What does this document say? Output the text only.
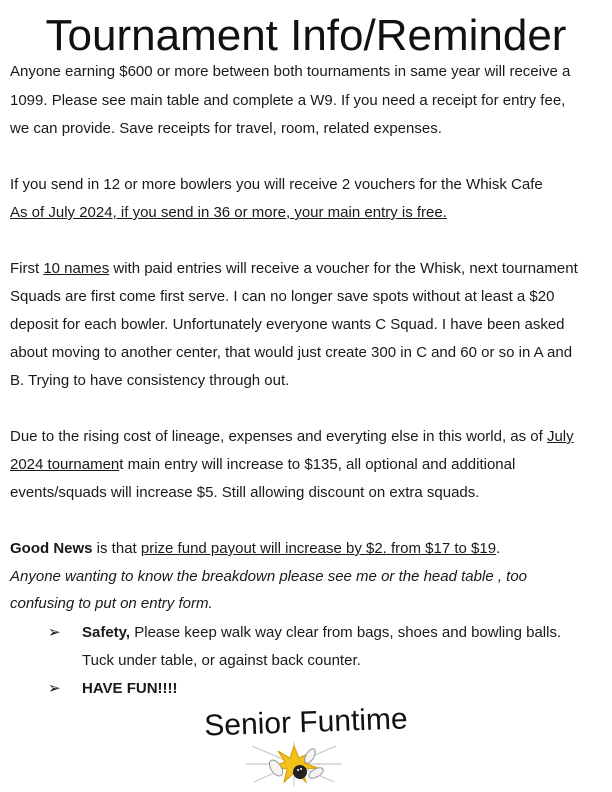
Tournament Info/Reminder
Anyone earning $600 or more between both tournaments in same year will receive a
1099. Please see main table and complete a W9. If you need a receipt for entry fee,
we can provide. Save receipts for travel, room, related expenses.
If you send in 12 or more bowlers you will receive 2 vouchers for the Whisk Cafe
As of July 2024, if you send in 36 or more, your main entry is free.
First 10 names with paid entries will receive a voucher for the Whisk, next tournament
Squads are first come first serve. I can no longer save spots without at least a $20
deposit for each bowler. Unfortunately everyone wants C Squad. I have been asked
about moving to another center, that would just create 300 in C and 60 or so in A and
B. Trying to have consistency through out.
Due to the rising cost of lineage, expenses and everyting else in this world, as of July
2024 tournament main entry will increase to $135, all optional and additional
events/squads will increase $5. Still allowing discount on extra squads.
Good News is that prize fund payout will increase by $2. from $17 to $19.
Anyone wanting to know the breakdown please see me or the head table , too
confusing to put on entry form.
➢ Safety, Please keep walk way clear from bags, shoes and bowling balls.
Tuck under table, or against back counter.
➢ HAVE FUN!!!!
Senior Funtime
